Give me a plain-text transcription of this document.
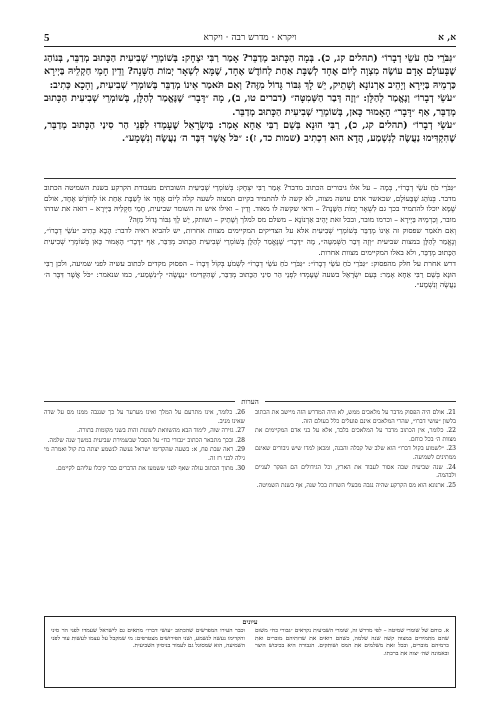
א, א
ויקרא · מדרש רבה · ויקרא
5

״גִּבֹּרֵי כֹחַ עֹשֵׂי דְבָרוֹ״ (תהלים קג, כ). בְּמָה הַכָּתוּב מְדַבֵּר? אָמַר רַבִּי יִצְחָק: בְּשׁוֹמְרֵי שְׁבִיעִית הַכָּתוּב מְדַבֵּר, בְּנוֹהַג שֶׁבָּעוֹלָם אָדָם עוֹשֶׂה מִצְוָה לְיוֹם אֶחָד לְשַׁבָּת אַחַת לְחוֹדֶשׁ אֶחָד, שֶׁמָּא לִשְׁאָר יְמוֹת הַשָּׁנָה? וְדֵין חָמֵי חַקְלֵיהּ בַּיְירָא כַּרְמֵיהּ בַּיְירָא וְיָהֵיב אַרְנוֹנָא וְשָׁתֵיק, יֵשׁ לָךְ גִּבּוֹר גָּדוֹל מִזֶּה? וְאִם תֹּאמַר אֵינוֹ מְדַבֵּר בְּשׁוֹמְרֵי שְׁבִיעִית, וְהָכָא כְּתִיב:

״עֹשֵׂי דְבָרוֹ״ וְנֶאֱמַר לְהַלָּן: ״וְזֶה דְּבַר הַשְּׁמִטָּה״ (דברים טו, ב), מָה ״דָּבָר״ שֶׁנֶּאֱמַר לְהַלָּן, בְּשׁוֹמְרֵי שְׁבִיעִית הַכָּתוּב מְדַבֵּר, אַף ״דָּבָר״ הָאָמוּר כָּאן, בְּשׁוֹמְרֵי שְׁבִיעִית הַכָּתוּב מְדַבֵּר.

״עֹשֵׂי דְבָרוֹ״ (תהלים קג, כ), רַבִּי הוּנָא בְּשֵׁם רַבִּי אַחָא אָמַר: בְּיִשְׂרָאֵל שֶׁעָמְדוּ לִפְנֵי הַר סִינַי הַכָּתוּב מְדַבֵּר, שֶׁהִקְדִּימוּ נַעֲשֶׂה לְנִשְׁמַע, הֲדָא הוּא דִכְתִיב (שמות כד, ז): ״כֹּל אֲשֶׁר דִּבֶּר ה׳ נַעֲשֶׂה וְנִשְׁמָע״.

״גִּבֹּרֵי כֹחַ עֹשֵׂי דְבָרוֹ״, בְּמָה – על אלו גיבורים הכתוב מדבר? אָמַר רַבִּי יִצְחָק: בְּשׁוֹמְרֵי שְׁבִיעִית השובתים מעבודת הקרקע בשנת השמיטה הכתוב מדבר. בְּנוֹהַג שֶׁבָּעוֹלָם, שכאשר אדם עושה מצוה, לא קשה לו להתמיד בקיום המצוה לשעה קלה לְיוֹם אֶחָד אוֹ לְשַׁבָּת אַחַת אוֹ לְחוֹדֶשׁ אֶחָד, אולם שֶׁמָּא יוכלו להתמיד בכך גם לִשְׁאָר יְמוֹת הַשָּׁנָה? – ודאי שקשה לו מאוד. וְדֵין – ואילו איש זה השומר שביעית, חָמֵי חַקְלֵיהּ בַּיְירָא – רואה את שדהו מובר, וְכַרְמֵיהּ בַּיְירָא – וכרמו מובר, ובכל זאת יָהֵיב אַרְנוֹנָא – משלם מס למלך וְשָׁתֵיק – ושותק, יֵשׁ לָךְ גִּבּוֹר גָּדוֹל מִזֶּה?

וְאִם תֹּאמַר שפסוק זה אֵינוֹ מְדַבֵּר בְּשׁוֹמְרֵי שְׁבִיעִית אלא על הצדיקים המקיימים מצוות אחרות, יש להביא ראיה לדבר: הָכָא כְּתִיב ״עֹשֵׂי דְבָרוֹ״, וְנֶאֱמַר לְהַלָּן במצות שביעית ״וְזֶה דְּבַר הַשְּׁמִטָּה״, מָה ״דָּבָר״ שֶׁנֶּאֱמַר לְהַלָּן בְּשׁוֹמְרֵי שְׁבִיעִית הַכָּתוּב מְדַבֵּר, אַף ״דָּבָר״ הָאָמוּר כָּאן בְּשׁוֹמְרֵי שְׁבִיעִית הַכָּתוּב מְדַבֵּר, ולא באלו המקיימים מצוות אחרות.

דרש אחרת על חלק מהפסוק: ״גִּבֹּרֵי כֹחַ עֹשֵׂי דְבָרוֹ״: ״גִּבֹּרֵי כֹחַ עֹשֵׂי דְבָרוֹ״ לִשְׁמֹעַ בְּקוֹל דְּבָרוֹ – הפסוק מקדים לכתוב עשיה לפני שמיעה, ולכן רַבִּי הוּנָא בְּשֵׁם רַבִּי אַחָא אָמַר: בְּעַם יִשְׂרָאֵל בשעה שֶׁעָמְדוּ לִפְנֵי הַר סִינַי הַכָּתוּב מְדַבֵּר, שֶׁהִקְדִּימוּ ״נַעֲשֶׂה״ לְ״נִשְׁמַע״, כמו שנאמר: ״כֹּל אֲשֶׁר דִּבֶּר ה׳ נַעֲשֶׂה וְנִשְׁמָע״.

הערות

21. אולם היה הפסוק מדבר על מלאכים ממש, לא היה המדרש הזה מיישב את הכתוב בלשון ״עושי דברו״, שהרי המלאכים אינם פועלים כלל בעולם הזה.

22. כלומר, אין הכתוב מדבר על המלאכים בלבד, אלא על בני אדם המקיימים את מצוות ה׳ בכל כוחם.

23. ״לשמוע בקול דברו״ הוא שלב של קבלה והבנה, ומכאן למדו שיש גיבורים שאינם ממתינים לשמיעה.

24. שנה שביעית שבה אסור לעבוד את הארץ, וכל הגידולים הם הפקר לעניים ולבהמה.

25. ארנונא הוא מס הקרקע שהיה נגבה מבעלי השדות בכל שנה, אף בשנת השמיטה.

26. כלומר, אינו מתרעם על המלך ואינו מערער על כך שנגבה ממנו מס על שדה שאינו מניב.

27. גזירה שוה, לימוד הבא מהשוואת לשונות זהות בשני מקומות בתורה.

28. ובכך מתבאר הכתוב ״גבורי כח״ על הסבל שבשמירת שביעית במשך שנה שלמה.

29. ראה שבת פח, א: בשעה שהקדימו ישראל נעשה לנשמע יצתה בת קול ואמרה מי גילה לבני רז זה.

30. מתוך הכתוב עולה שאף לפני ששמעו את הדברים כבר קיבלו עליהם לקיימם.

עיונים
א. כוחם של שומרי שמיטה – לפי מדרש זה, שומרי השביעית נקראים ״גבורי כח״ משום שהם מתמידים במצוה קשה שנה שלמה, כשהם רואים את שדותיהם מוברים ואת כרמיהם מוברים, ובכל זאת משלמים את המס ושותקים. הגבורה היא בכיבוש היצר ובאמונה שה׳ יצוה את ברכתו.
וכבר העירו המפרשים שהכתוב ״עושי דברו״ מתאים גם לישראל שעמדו לפני הר סיני והקדימו נעשה לנשמע, ושני הפירושים מצטרפים: מי שמקבל על עצמו לעשות עוד לפני השמיעה, הוא שמסוגל גם לעמוד בניסיון השביעית.
